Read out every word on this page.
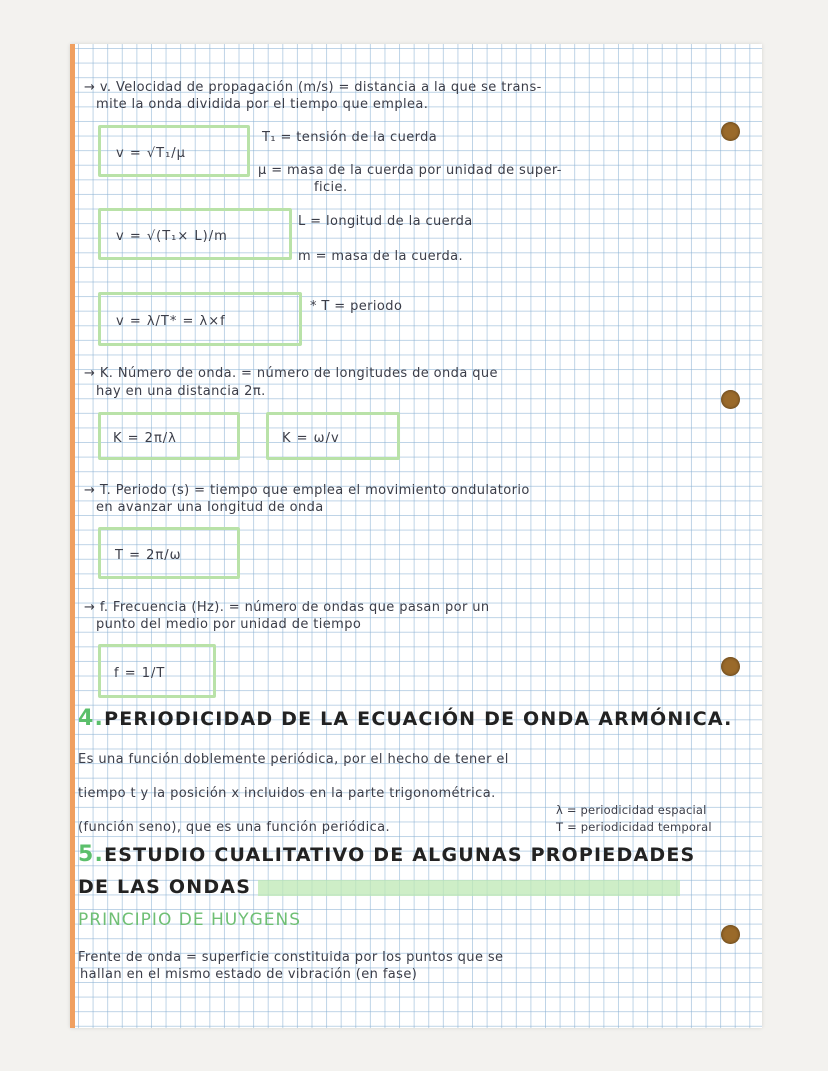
→ v. Velocidad de propagación (m/s) = distancia a la que se trans-
mite la onda dividida por el tiempo que emplea.
v = √T₁/μ
T₁ = tensión de la cuerda
μ = masa de la cuerda por unidad de super-
ficie.
v = √(T₁× L)/m
L = longitud de la cuerda
m = masa de la cuerda.
v = λ/T* = λ×f
* T = periodo
→ K. Número de onda. = número de longitudes de onda que
hay en una distancia 2π.
K = 2π/λ	K = ω/v
→ T. Periodo (s) = tiempo que emplea el movimiento ondulatorio
en avanzar una longitud de onda
T = 2π/ω
→ f. Frecuencia (Hz). = número de ondas que pasan por un
punto del medio por unidad de tiempo
f = 1/T
4.PERIODICIDAD DE LA ECUACIÓN DE ONDA ARMÓNICA.
Es una función doblemente periódica, por el hecho de tener el
tiempo t y la posición x incluidos en la parte trigonométrica.
(función seno), que es una función periódica.
λ = periodicidad espacial
T = periodicidad temporal
5.ESTUDIO CUALITATIVO DE ALGUNAS PROPIEDADES
DE LAS ONDAS
PRINCIPIO DE HUYGENS
Frente de onda = superficie constituida por los puntos que se
hallan en el mismo estado de vibración (en fase)
